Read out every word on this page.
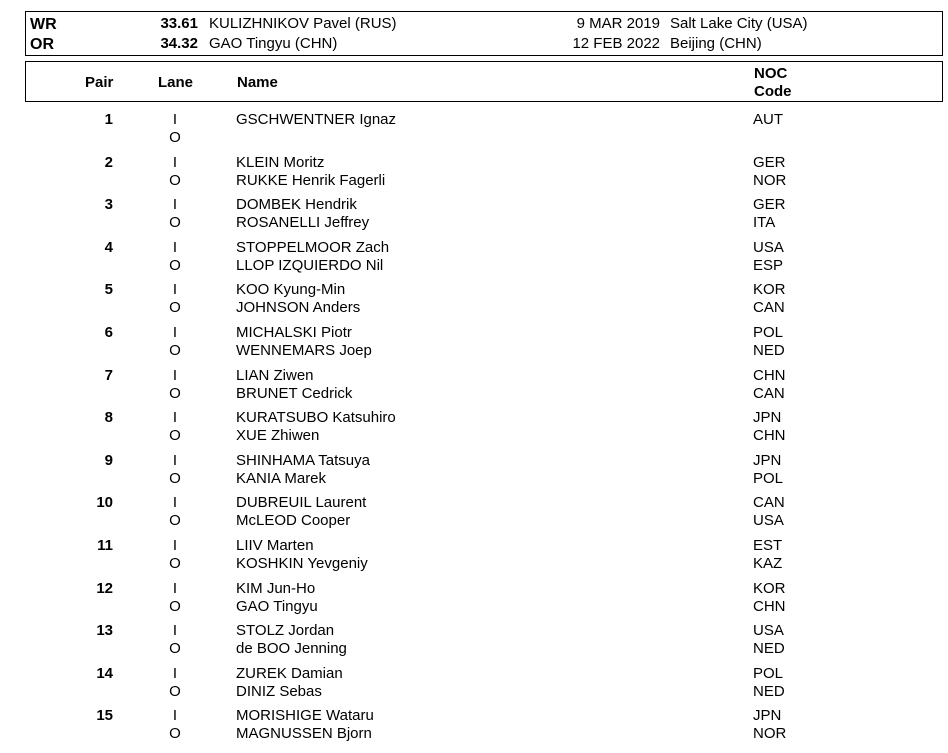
WR	33.61 KULIZHNIKOV Pavel (RUS)	9 MAR 2019 Salt Lake City (USA)
OR	34.32 GAO Tingyu (CHN)	12 FEB 2022 Beijing (CHN)
Pair	Lane	Name
NOC
Code
1	I	GSCHWENTNER Ignaz	AUT
O
2	I	KLEIN Moritz	GER
O	RUKKE Henrik Fagerli	NOR
3	I	DOMBEK Hendrik	GER
O	ROSANELLI Jeffrey	ITA
4	I	STOPPELMOOR Zach	USA
O	LLOP IZQUIERDO Nil	ESP
5	I	KOO Kyung-Min	KOR
O	JOHNSON Anders	CAN
6	I	MICHALSKI Piotr	POL
O	WENNEMARS Joep	NED
7	I	LIAN Ziwen	CHN
O	BRUNET Cedrick	CAN
8	I	KURATSUBO Katsuhiro	JPN
O	XUE Zhiwen	CHN
9	I	SHINHAMA Tatsuya	JPN
O	KANIA Marek	POL
10	I	DUBREUIL Laurent	CAN
O	McLEOD Cooper	USA
11	I	LIIV Marten	EST
O	KOSHKIN Yevgeniy	KAZ
12	I	KIM Jun-Ho	KOR
O	GAO Tingyu	CHN
13	I	STOLZ Jordan	USA
O	de BOO Jenning	NED
14	I	ZUREK Damian	POL
O	DINIZ Sebas	NED
15	I	MORISHIGE Wataru	JPN
O	MAGNUSSEN Bjorn	NOR
